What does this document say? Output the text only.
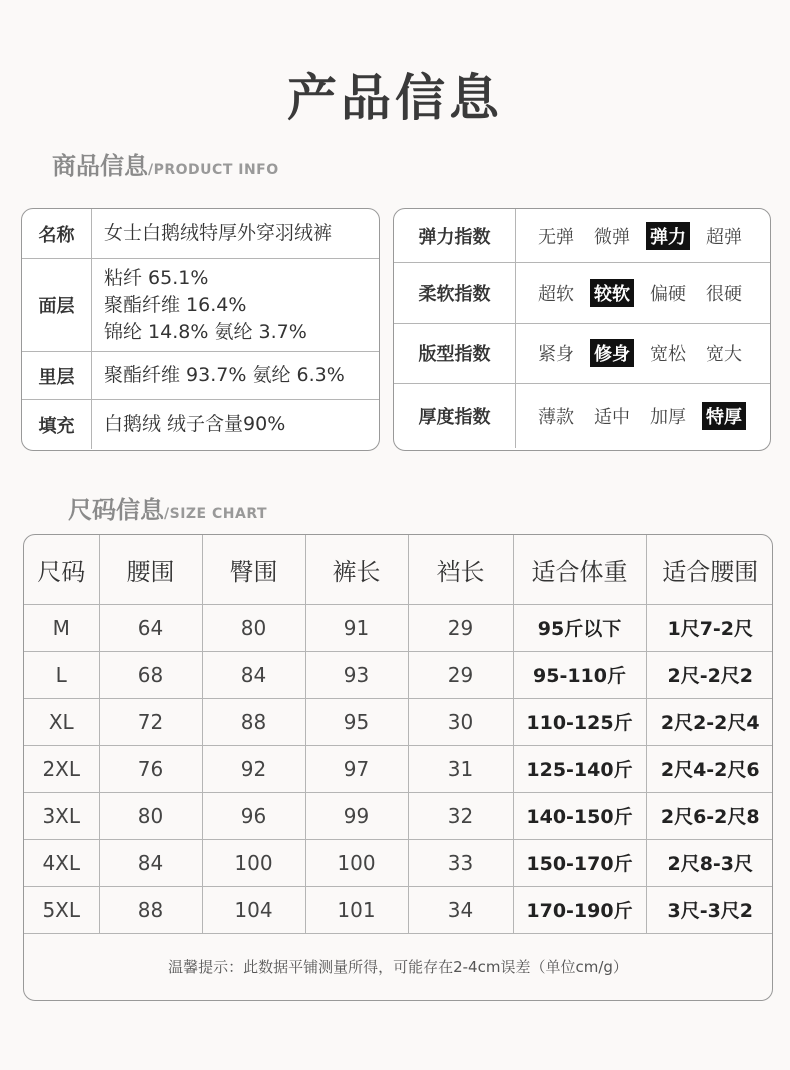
产品信息
商品信息 /PRODUCT INFO
名称	女士白鹅绒特厚外穿羽绒裤
面层
粘纤 65.1%
聚酯纤维 16.4%
锦纶 14.8% 氨纶 3.7%
里层	聚酯纤维 93.7% 氨纶 6.3%
填充	白鹅绒 绒子含量90%
弹力指数	无弹 微弹 弹力 超弹
柔软指数	超软 较软 偏硬 很硬
版型指数	紧身 修身 宽松 宽大
厚度指数	薄款 适中 加厚 特厚
尺码信息 /SIZE CHART
尺码	腰围	臀围	裤长	裆长	适合体重	适合腰围
M	64	80	91	29	95斤以下	1尺7-2尺
L	68	84	93	29	95-110斤	2尺-2尺2
XL	72	88	95	30	110-125斤	2尺2-2尺4
2XL	76	92	97	31	125-140斤	2尺4-2尺6
3XL	80	96	99	32	140-150斤	2尺6-2尺8
4XL	84	100	100	33	150-170斤	2尺8-3尺
5XL	88	104	101	34	170-190斤	3尺-3尺2
温馨提示：此数据平铺测量所得，可能存在2-4cm误差（单位cm/g）
